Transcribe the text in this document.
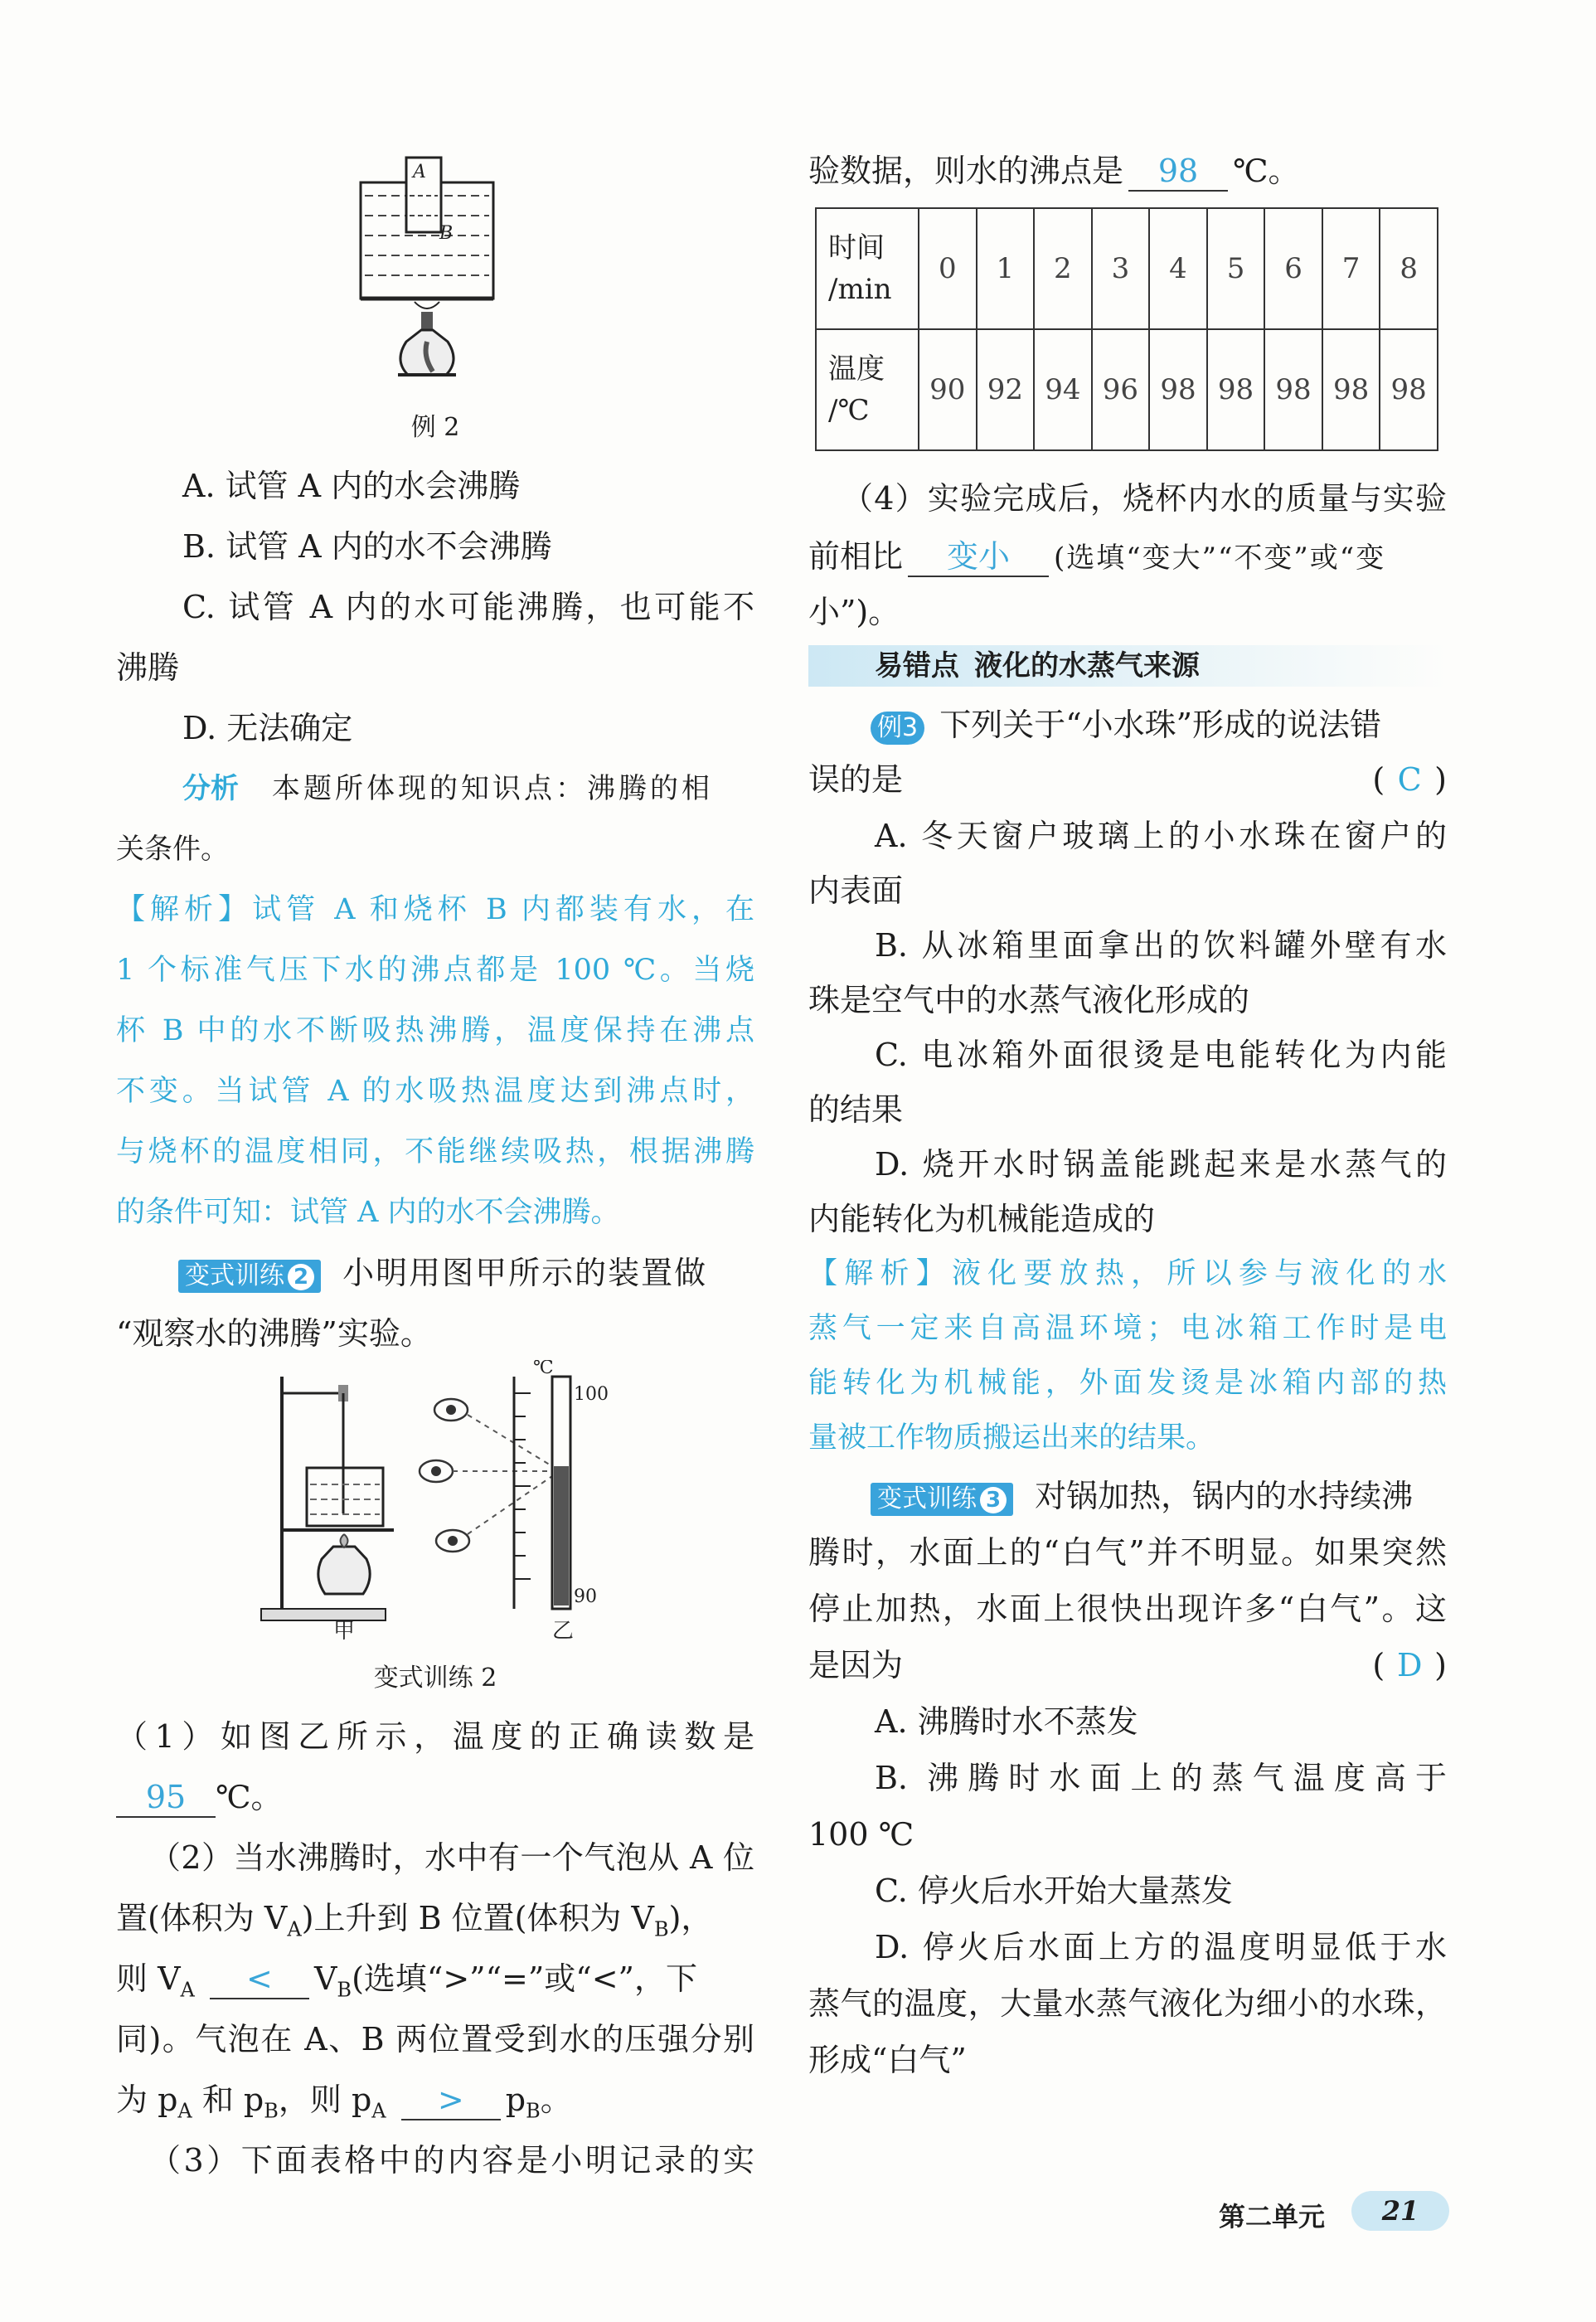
A
B
例 2
A. 试管 A 内的水会沸腾
B. 试管 A 内的水不会沸腾
C. 试管 A 内的水可能沸腾，也可能不
沸腾
D. 无法确定
分析 本题所体现的知识点：沸腾的相
关条件。
【解析】试管 A 和烧杯 B 内都装有水，在
1 个标准气压下水的沸点都是 100 ℃。当烧
杯 B 中的水不断吸热沸腾，温度保持在沸点
不变。当试管 A 的水吸热温度达到沸点时，
与烧杯的温度相同，不能继续吸热，根据沸腾
的条件可知：试管 A 内的水不会沸腾。
变式训练 2 小明用图甲所示的装置做
“观察水的沸腾”实验。
甲
℃
100
90
乙
变式训练 2
（1）如图乙所示，温度的正确读数是
95 ℃。
（2）当水沸腾时，水中有一个气泡从 A 位
置(体积为 $V_A$)上升到 B 位置(体积为 $V_B$)，
则 $V_A < V_B$(选填“>”“=”或“<”，下
同)。气泡在 A、B 两位置受到水的压强分别
为 $p_A$ 和 $p_B$，则 $p_A > p_B$。
（3）下面表格中的内容是小明记录的实
验数据，则水的沸点是 98 ℃。
时间
/min	0	1	2	3	4	5	6	7	8

温度
/℃	90	92	94	96	98	98	98	98	98
（4）实验完成后，烧杯内水的质量与实验
前相比 变小 (选填“变大”“不变”或“变
小”)。
易错点 液化的水蒸气来源
例3 下列关于“小水珠”形成的说法错
误的是	( C )
A. 冬天窗户玻璃上的小水珠在窗户的
内表面
B. 从冰箱里面拿出的饮料罐外壁有水
珠是空气中的水蒸气液化形成的
C. 电冰箱外面很烫是电能转化为内能
的结果
D. 烧开水时锅盖能跳起来是水蒸气的
内能转化为机械能造成的
【解析】液化要放热，所以参与液化的水
蒸气一定来自高温环境；电冰箱工作时是电
能转化为机械能，外面发烫是冰箱内部的热
量被工作物质搬运出来的结果。
变式训练 3 对锅加热，锅内的水持续沸
腾时，水面上的“白气”并不明显。如果突然
停止加热，水面上很快出现许多“白气”。这
是因为	( D )
A. 沸腾时水不蒸发
B. 沸腾时水面上的蒸气温度高于
100 ℃
C. 停火后水开始大量蒸发
D. 停火后水面上方的温度明显低于水
蒸气的温度，大量水蒸气液化为细小的水珠，
形成“白气”
第二单元	21
